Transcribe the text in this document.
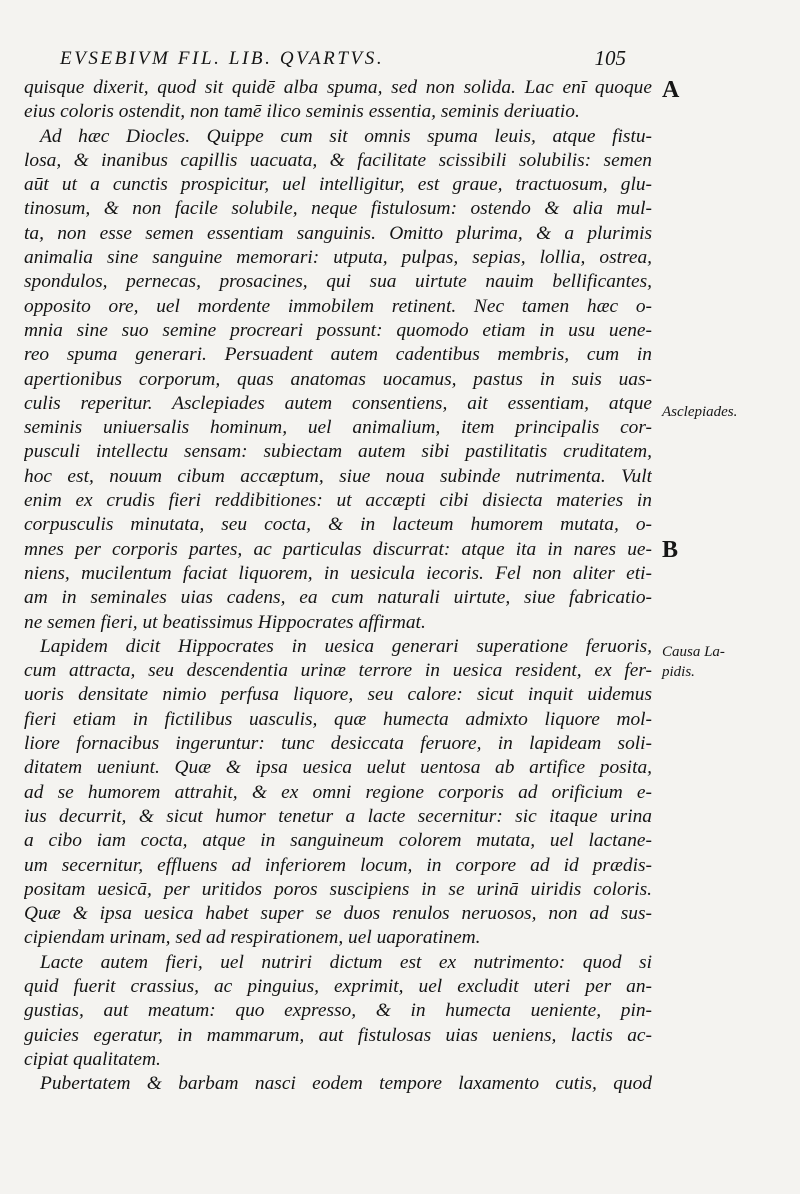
EVSEBIVM FIL. LIB. QVARTVS.	105
quisque dixerit, quod sit quidē alba spuma, sed non solida. Lac enī quoque
eius coloris ostendit, non tamē ilico seminis essentia, seminis deriuatio.
Ad hæc Diocles. Quippe cum sit omnis spuma leuis, atque fistu-
losa, & inanibus capillis uacuata, & facilitate scissibili solubilis: semen
aūt ut a cunctis prospicitur, uel intelligitur, est graue, tractuosum, glu-
tinosum, & non facile solubile, neque fistulosum: ostendo & alia mul-
ta, non esse semen essentiam sanguinis. Omitto plurima, & a plurimis
animalia sine sanguine memorari: utputa, pulpas, sepias, lollia, ostrea,
spondulos, pernecas, prosacines, qui sua uirtute nauim bellificantes,
opposito ore, uel mordente immobilem retinent. Nec tamen hæc o-
mnia sine suo semine procreari possunt: quomodo etiam in usu uene-
reo spuma generari. Persuadent autem cadentibus membris, cum in
apertionibus corporum, quas anatomas uocamus, pastus in suis uas-
culis reperitur. Asclepiades autem consentiens, ait essentiam, atque
seminis uniuersalis hominum, uel animalium, item principalis cor-
pusculi intellectu sensam: subiectam autem sibi pastilitatis cruditatem,
hoc est, nouum cibum accæptum, siue noua subinde nutrimenta. Vult
enim ex crudis fieri reddibitiones: ut accæpti cibi disiecta materies in
corpusculis minutata, seu cocta, & in lacteum humorem mutata, o-
mnes per corporis partes, ac particulas discurrat: atque ita in nares ue-
niens, mucilentum faciat liquorem, in uesicula iecoris. Fel non aliter eti-
am in seminales uias cadens, ea cum naturali uirtute, siue fabricatio-
ne semen fieri, ut beatissimus Hippocrates affirmat.
Lapidem dicit Hippocrates in uesica generari superatione feruoris,
cum attracta, seu descendentia urinæ terrore in uesica resident, ex fer-
uoris densitate nimio perfusa liquore, seu calore: sicut inquit uidemus
fieri etiam in fictilibus uasculis, quæ humecta admixto liquore mol-
liore fornacibus ingeruntur: tunc desiccata feruore, in lapideam soli-
ditatem ueniunt. Quæ & ipsa uesica uelut uentosa ab artifice posita,
ad se humorem attrahit, & ex omni regione corporis ad orificium e-
ius decurrit, & sicut humor tenetur a lacte secernitur: sic itaque urina
a cibo iam cocta, atque in sanguineum colorem mutata, uel lactane-
um secernitur, effluens ad inferiorem locum, in corpore ad id prædis-
positam uesicā, per uritidos poros suscipiens in se urinā uiridis coloris.
Quæ & ipsa uesica habet super se duos renulos neruosos, non ad sus-
cipiendam urinam, sed ad respirationem, uel uaporatinem.
Lacte autem fieri, uel nutriri dictum est ex nutrimento: quod si
quid fuerit crassius, ac pinguius, exprimit, uel excludit uteri per an-
gustias, aut meatum: quo expresso, & in humecta ueniente, pin-
guicies egeratur, in mammarum, aut fistulosas uias ueniens, lactis ac-
cipiat qualitatem.
Pubertatem & barbam nasci eodem tempore laxamento cutis, quod
A
Asclepiades.
B
Causa La-
pidis.
